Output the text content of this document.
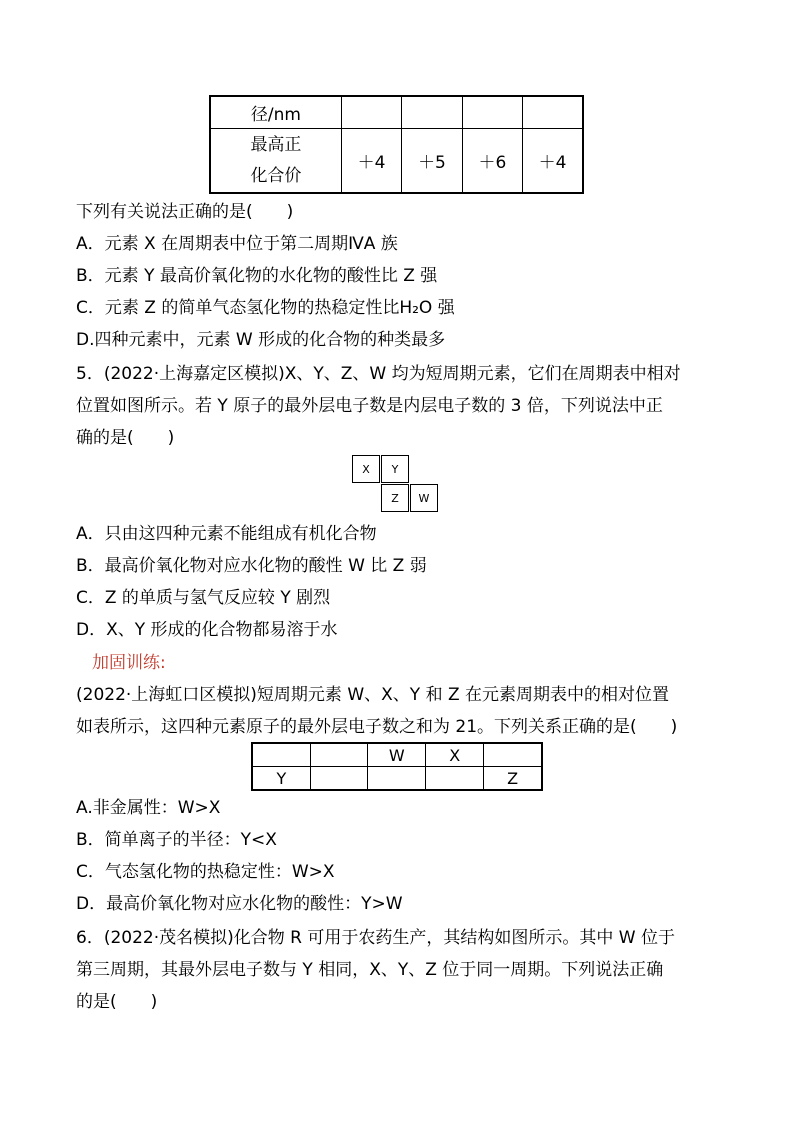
径/nm				

最高正
化合价	＋4	＋5	＋6	＋4
下列有关说法正确的是(　　)
A．元素 X 在周期表中位于第二周期ⅣA 族
B．元素 Y 最高价氧化物的水化物的酸性比 Z 强
C．元素 Z 的简单气态氢化物的热稳定性比H₂O 强
D.四种元素中，元素 W 形成的化合物的种类最多
5．(2022·上海嘉定区模拟)X、Y、Z、W 均为短周期元素，它们在周期表中相对
位置如图所示。若 Y 原子的最外层电子数是内层电子数的 3 倍，下列说法中正
确的是(　　)
X	Y
Z	W
A．只由这四种元素不能组成有机化合物
B．最高价氧化物对应水化物的酸性 W 比 Z 弱
C．Z 的单质与氢气反应较 Y 剧烈
D．X、Y 形成的化合物都易溶于水
加固训练:
(2022·上海虹口区模拟)短周期元素 W、X、Y 和 Z 在元素周期表中的相对位置
如表所示，这四种元素原子的最外层电子数之和为 21。下列关系正确的是(　　)
		W	X	
Y				Z
A.非金属性：W>X
B．简单离子的半径：Y<X
C．气态氢化物的热稳定性：W>X
D．最高价氧化物对应水化物的酸性：Y>W
6．(2022·茂名模拟)化合物 R 可用于农药生产，其结构如图所示。其中 W 位于
第三周期，其最外层电子数与 Y 相同，X、Y、Z 位于同一周期。下列说法正确
的是(　　)
